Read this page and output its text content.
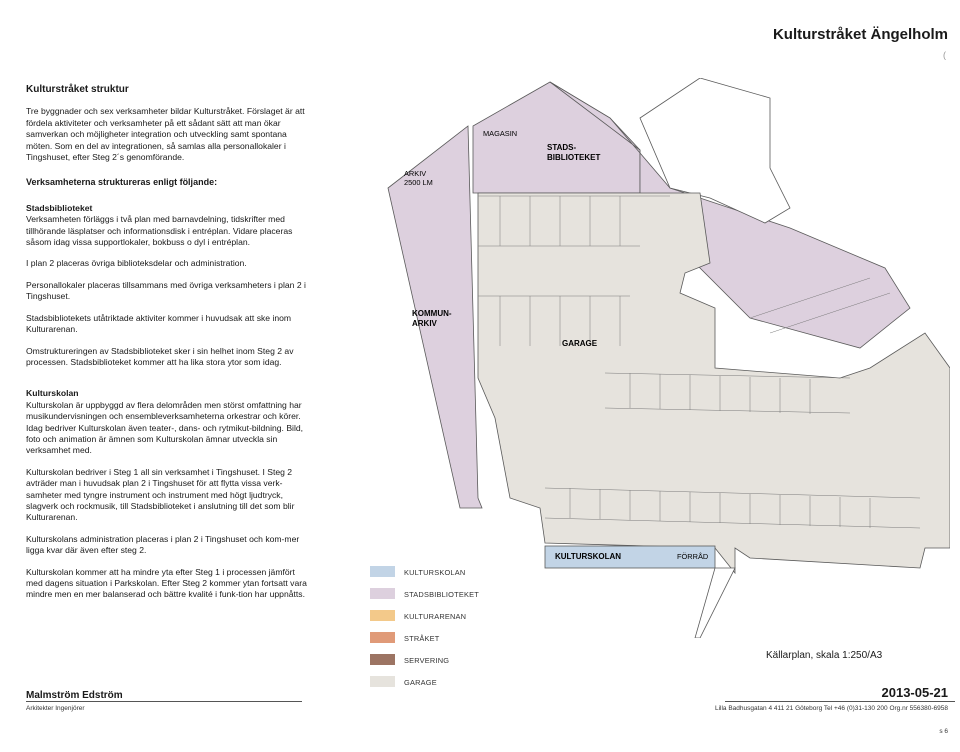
Kulturstråket Ängelholm
(
Kulturstråket struktur

Tre byggnader och sex verksamheter bildar Kulturstråket. Förslaget är att fördela aktiviteter och verksamheter på ett sådant sätt att man ökar samverkan och möjligheter integration och utveckling samt spontana möten. Som en del av integrationen, så samlas alla personallokaler i Tingshuset, efter Steg 2´s genomförande.

Verksamheterna struktureras enligt följande:
Stadsbiblioteket

Verksamheten förläggs i två plan med barnavdelning, tidskrifter med tillhörande läsplatser och informationsdisk i entréplan. Vidare placeras såsom idag vissa supportlokaler, bokbuss o dyl i entréplan.

I plan 2 placeras övriga biblioteksdelar och administration.

Personallokaler placeras tillsammans med övriga verksamheters i plan 2 i Tingshuset.

Stadsbibliotekets utåtriktade aktiviter kommer i huvudsak att ske inom Kulturarenan.

Omstruktureringen av Stadsbiblioteket sker i sin helhet inom Steg 2 av processen. Stadsbiblioteket kommer att ha lika stora ytor som idag.

Kulturskolan

Kulturskolan är uppbyggd av flera delområden men störst omfattning har musikundervisningen och ensembleverksamheterna orkestrar och körer. Idag bedriver Kulturskolan även teater-, dans- och rytmikut-bildning. Bild, foto och animation är ämnen som Kulturskolan ämnar utveckla sin verksamhet med.

Kulturskolan bedriver i Steg 1 all sin verksamhet i Tingshuset. I Steg 2 avträder man i huvudsak plan 2 i Tingshuset för att flytta vissa verk-samheter med tyngre instrument och instrument med högt ljudtryck, slagverk och rockmusik, till Stadsbiblioteket i anslutning till det som blir Kulturarenan.

Kulturskolans administration placeras i plan 2 i Tingshuset och kom-mer ligga kvar där även efter steg 2.

Kulturskolan kommer att ha mindre yta efter Steg 1 i processen jämfört med dagens situation i Parkskolan. Efter Steg 2 kommer ytan fortsatt vara mindre men en mer balanserad och bättre kvalité i funk-tion har uppnåtts.

MAGASIN
STADS-
BIBLIOTEKET
ARKIV
2500 LM
KOMMUN-
ARKIV
GARAGE
KULTURSKOLAN	FÖRRÅD
KULTURSKOLAN
STADSBIBLIOTEKET
KULTURARENAN
STRÅKET
SERVERING
GARAGE
Källarplan, skala 1:250/A3
Malmström Edström
Arkitekter Ingenjörer
2013-05-21
Lilla Badhusgatan 4 411 21 Göteborg Tel +46 (0)31-130 200 Org.nr 556380-6958
s 6
